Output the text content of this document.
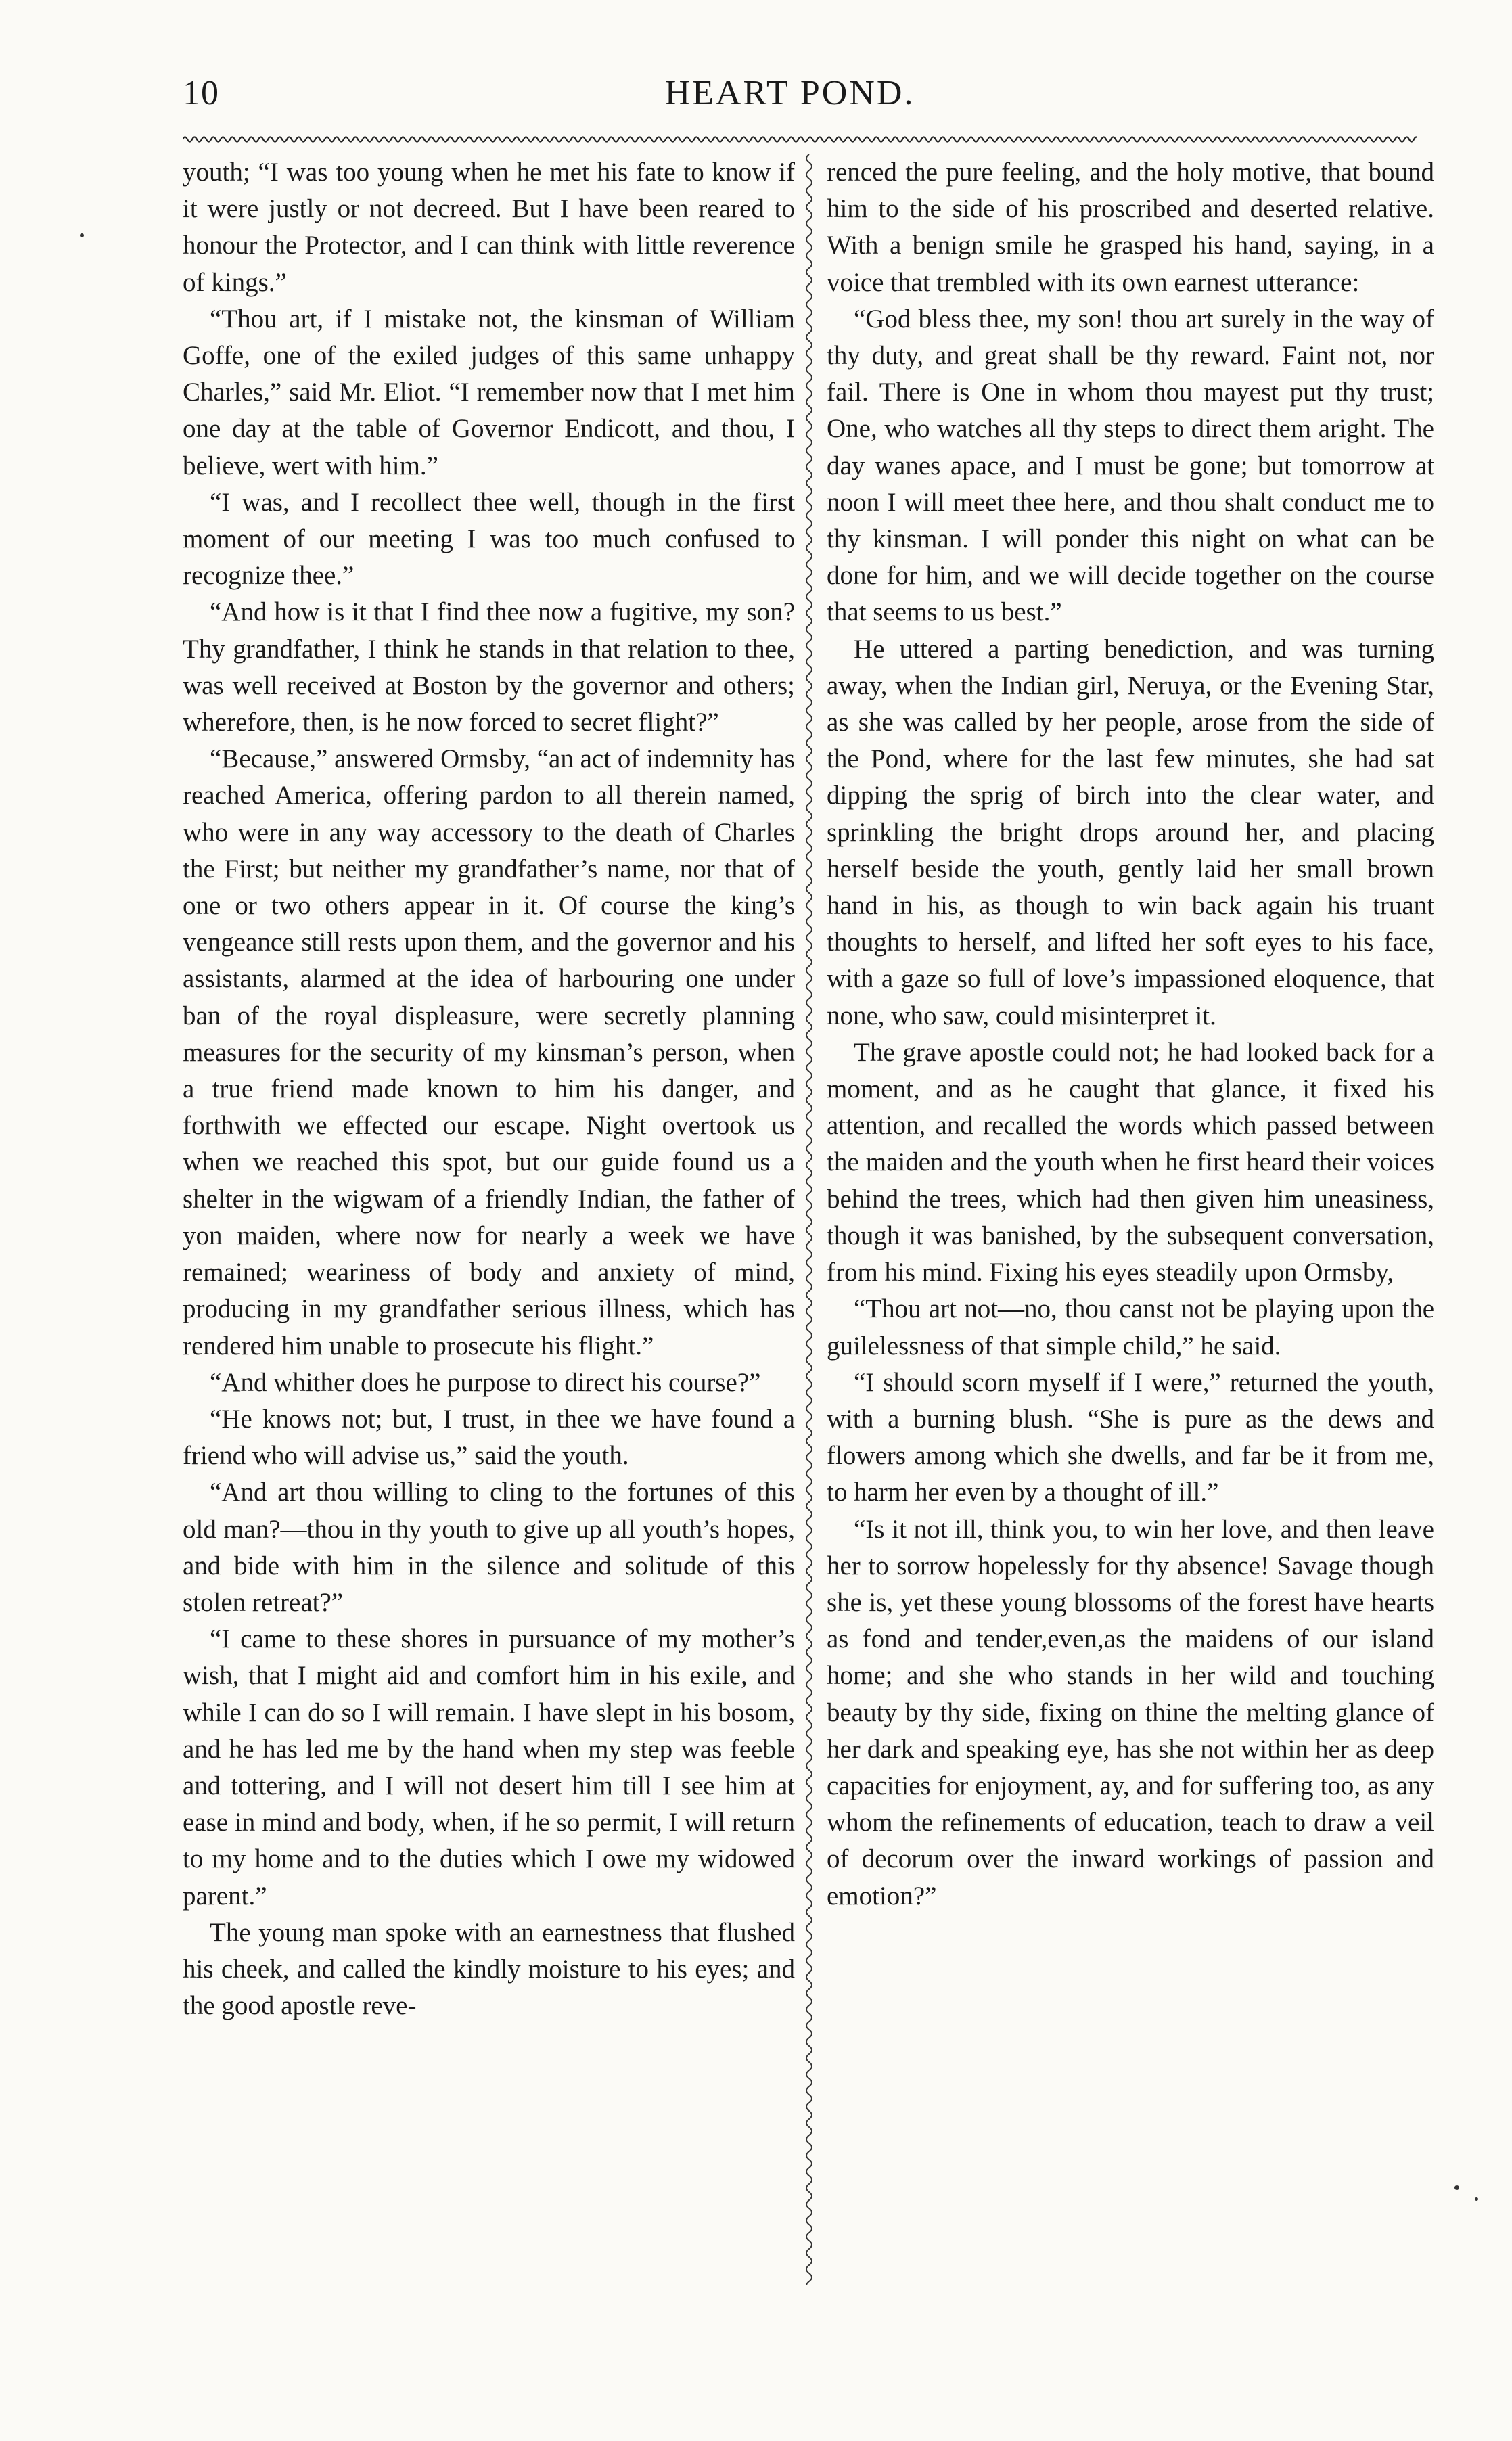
10	HEART POND.

youth; “I was too young when he met his fate to know if it were justly or not decreed. But I have been reared to honour the Protector, and I can think with little reverence of kings.”

“Thou art, if I mistake not, the kinsman of William Goffe, one of the exiled judges of this same unhappy Charles,” said Mr. Eliot. “I remember now that I met him one day at the table of Governor Endicott, and thou, I believe, wert with him.”

“I was, and I recollect thee well, though in the first moment of our meeting I was too much confused to recognize thee.”

“And how is it that I find thee now a fugitive, my son? Thy grandfather, I think he stands in that relation to thee, was well received at Boston by the governor and others; wherefore, then, is he now forced to secret flight?”

“Because,” answered Ormsby, “an act of indemnity has reached America, offering pardon to all therein named, who were in any way accessory to the death of Charles the First; but neither my grandfather’s name, nor that of one or two others appear in it. Of course the king’s vengeance still rests upon them, and the governor and his assistants, alarmed at the idea of harbouring one under ban of the royal displeasure, were secretly planning measures for the security of my kinsman’s person, when a true friend made known to him his danger, and forthwith we effected our escape. Night overtook us when we reached this spot, but our guide found us a shelter in the wigwam of a friendly Indian, the father of yon maiden, where now for nearly a week we have remained; weariness of body and anxiety of mind, producing in my grandfather serious illness, which has rendered him unable to prosecute his flight.”

“And whither does he purpose to direct his course?”

“He knows not; but, I trust, in thee we have found a friend who will advise us,” said the youth.

“And art thou willing to cling to the fortunes of this old man?—thou in thy youth to give up all youth’s hopes, and bide with him in the silence and solitude of this stolen retreat?”

“I came to these shores in pursuance of my mother’s wish, that I might aid and comfort him in his exile, and while I can do so I will remain. I have slept in his bosom, and he has led me by the hand when my step was feeble and tottering, and I will not desert him till I see him at ease in mind and body, when, if he so permit, I will return to my home and to the duties which I owe my widowed parent.”

The young man spoke with an earnestness that flushed his cheek, and called the kindly moisture to his eyes; and the good apostle reve-

renced the pure feeling, and the holy motive, that bound him to the side of his proscribed and deserted relative. With a benign smile he grasped his hand, saying, in a voice that trembled with its own earnest utterance:

“God bless thee, my son! thou art surely in the way of thy duty, and great shall be thy reward. Faint not, nor fail. There is One in whom thou mayest put thy trust; One, who watches all thy steps to direct them aright. The day wanes apace, and I must be gone; but tomorrow at noon I will meet thee here, and thou shalt conduct me to thy kinsman. I will ponder this night on what can be done for him, and we will decide together on the course that seems to us best.”

He uttered a parting benediction, and was turning away, when the Indian girl, Neruya, or the Evening Star, as she was called by her people, arose from the side of the Pond, where for the last few minutes, she had sat dipping the sprig of birch into the clear water, and sprinkling the bright drops around her, and placing herself beside the youth, gently laid her small brown hand in his, as though to win back again his truant thoughts to herself, and lifted her soft eyes to his face, with a gaze so full of love’s impassioned eloquence, that none, who saw, could misinterpret it.

The grave apostle could not; he had looked back for a moment, and as he caught that glance, it fixed his attention, and recalled the words which passed between the maiden and the youth when he first heard their voices behind the trees, which had then given him uneasiness, though it was banished, by the subsequent conversation, from his mind. Fixing his eyes steadily upon Ormsby,

“Thou art not—no, thou canst not be playing upon the guilelessness of that simple child,” he said.

“I should scorn myself if I were,” returned the youth, with a burning blush. “She is pure as the dews and flowers among which she dwells, and far be it from me, to harm her even by a thought of ill.”

“Is it not ill, think you, to win her love, and then leave her to sorrow hopelessly for thy absence! Savage though she is, yet these young blossoms of the forest have hearts as fond and tender,even,as the maidens of our island home; and she who stands in her wild and touching beauty by thy side, fixing on thine the melting glance of her dark and speaking eye, has she not within her as deep capacities for enjoyment, ay, and for suffering too, as any whom the refinements of education, teach to draw a veil of decorum over the inward workings of passion and emotion?”
